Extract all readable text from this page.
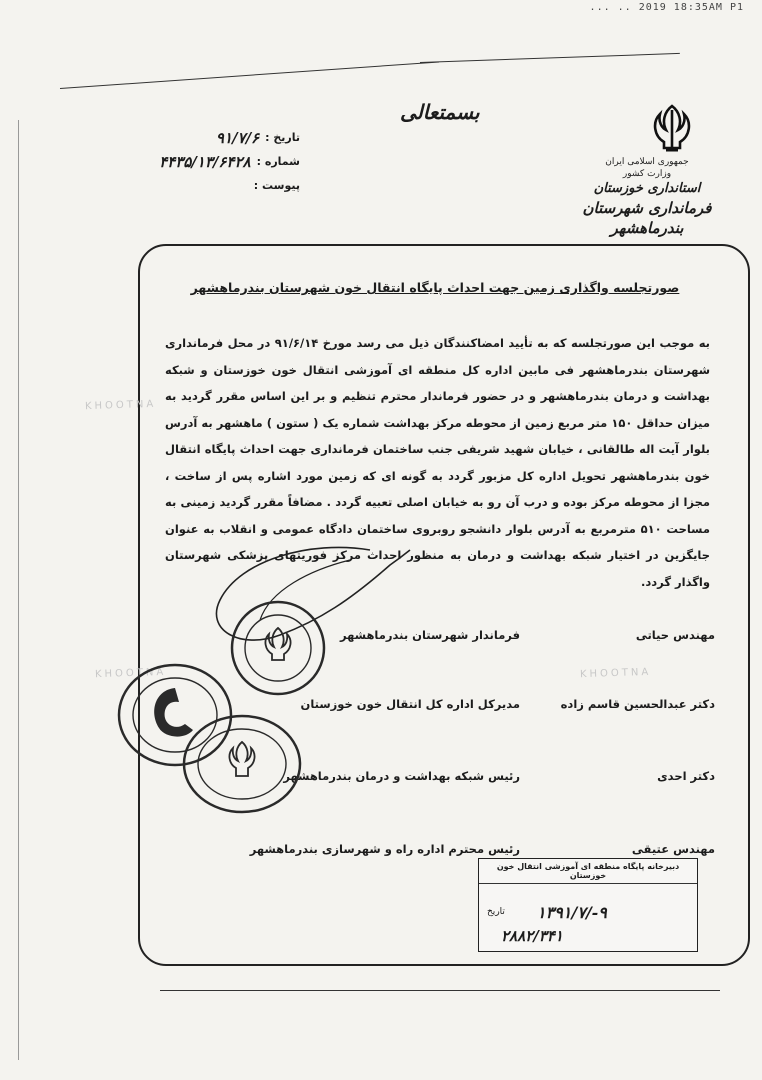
... .. 2019 18:35AM P1
بسمتعالی
جمهوری اسلامی ایران
وزارت کشور
استانداری خوزستان
فرمانداری شهرستان بندرماهشهر
تاریخ :
۹۱/۷/۶
شماره :
۴۴۳۵/۱۳/۶۴۲۸
پیوست :
صورتجلسه واگذاری زمین جهت احداث پایگاه انتقال خون شهرستان بندرماهشهر
به موجب این صورتجلسه که به تأیید امضاکنندگان ذیل می رسد مورخ ۹۱/۶/۱۴ در محل فرمانداری شهرستان بندرماهشهر فی مابین اداره کل منطقه ای آموزشی انتقال خون خوزستان و شبکه بهداشت و درمان بندرماهشهر و در حضور فرماندار محترم تنظیم و بر این اساس مقرر گردید به میزان حداقل ۱۵۰ متر مربع زمین از محوطه مرکز بهداشت شماره یک ( ستون ) ماهشهر به آدرس بلوار آیت اله طالقانی ، خیابان شهید شریفی جنب ساختمان فرمانداری جهت احداث پایگاه انتقال خون بندرماهشهر تحویل اداره کل مزبور گردد به گونه ای که زمین مورد اشاره پس از ساخت ، مجزا از محوطه مرکز بوده و درب آن رو به خیابان اصلی تعبیه گردد . مضافاً مقرر گردید زمینی به مساحت ۵۱۰ مترمربع به آدرس بلوار دانشجو روبروی ساختمان دادگاه عمومی و انقلاب به عنوان جایگزین در اختیار شبکه بهداشت و درمان به منظور احداث مرکز فوریتهای پزشکی شهرستان واگذار گردد.
KHOOTNA
KHOOTNA	KHOOTNA
مهندس حیاتی
فرماندار شهرستان بندرماهشهر
دکتر عبدالحسین قاسم زاده
مدیرکل اداره کل انتقال خون خوزستان
دکتر احدی
رئیس شبکه بهداشت و درمان بندرماهشهر
مهندس عتیقی
رئیس محترم اداره راه و شهرسازی بندرماهشهر
دبیرخانه پایگاه منطقه ای آموزشی انتقال خون خوزستان
تاریخ ۱۳۹۱/۷/-۹
۲۸۸۲/۳۴۱
